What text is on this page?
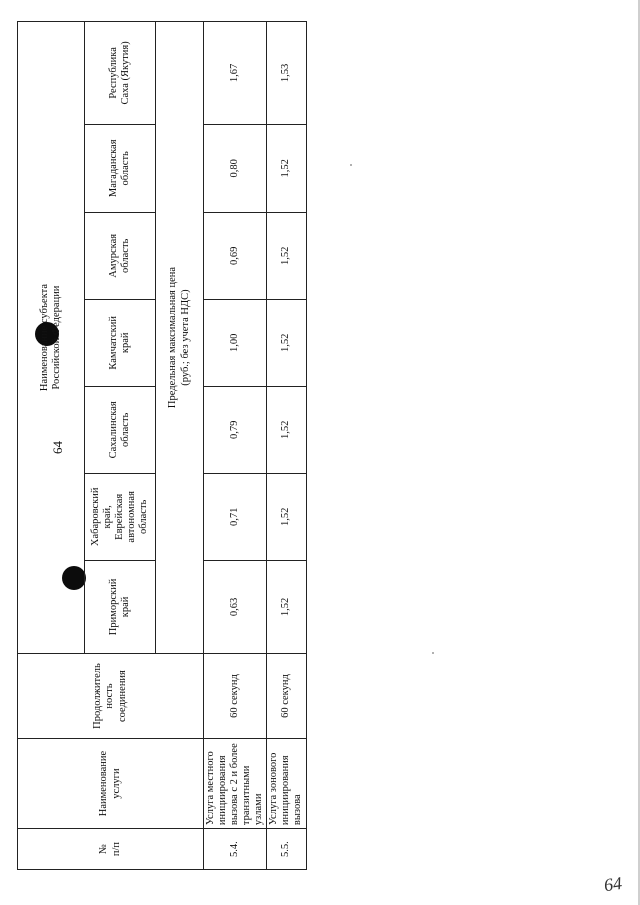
64
64
№
п/п	Наименование услуги	Продолжитель
ность
соединения	Наименование субъекта
Российской Федерации						
			Приморский
край	Хабаровский
край,
Еврейская
автономная
область	Сахалинская
область	Камчатский
край	Амурская
область	Магаданская
область	Республика
Саха (Якутия)
			Предельная максимальная цена
(руб.; без учета НДС)						

5.4.	Услуга местного инициирования вызова с 2 и более транзитными узлами	60 секунд	0,63	0,71	0,79	1,00	0,69	0,80	1,67
5.5.	Услуга зонового инициирования вызова	60 секунд	1,52	1,52	1,52	1,52	1,52	1,52	1,53
